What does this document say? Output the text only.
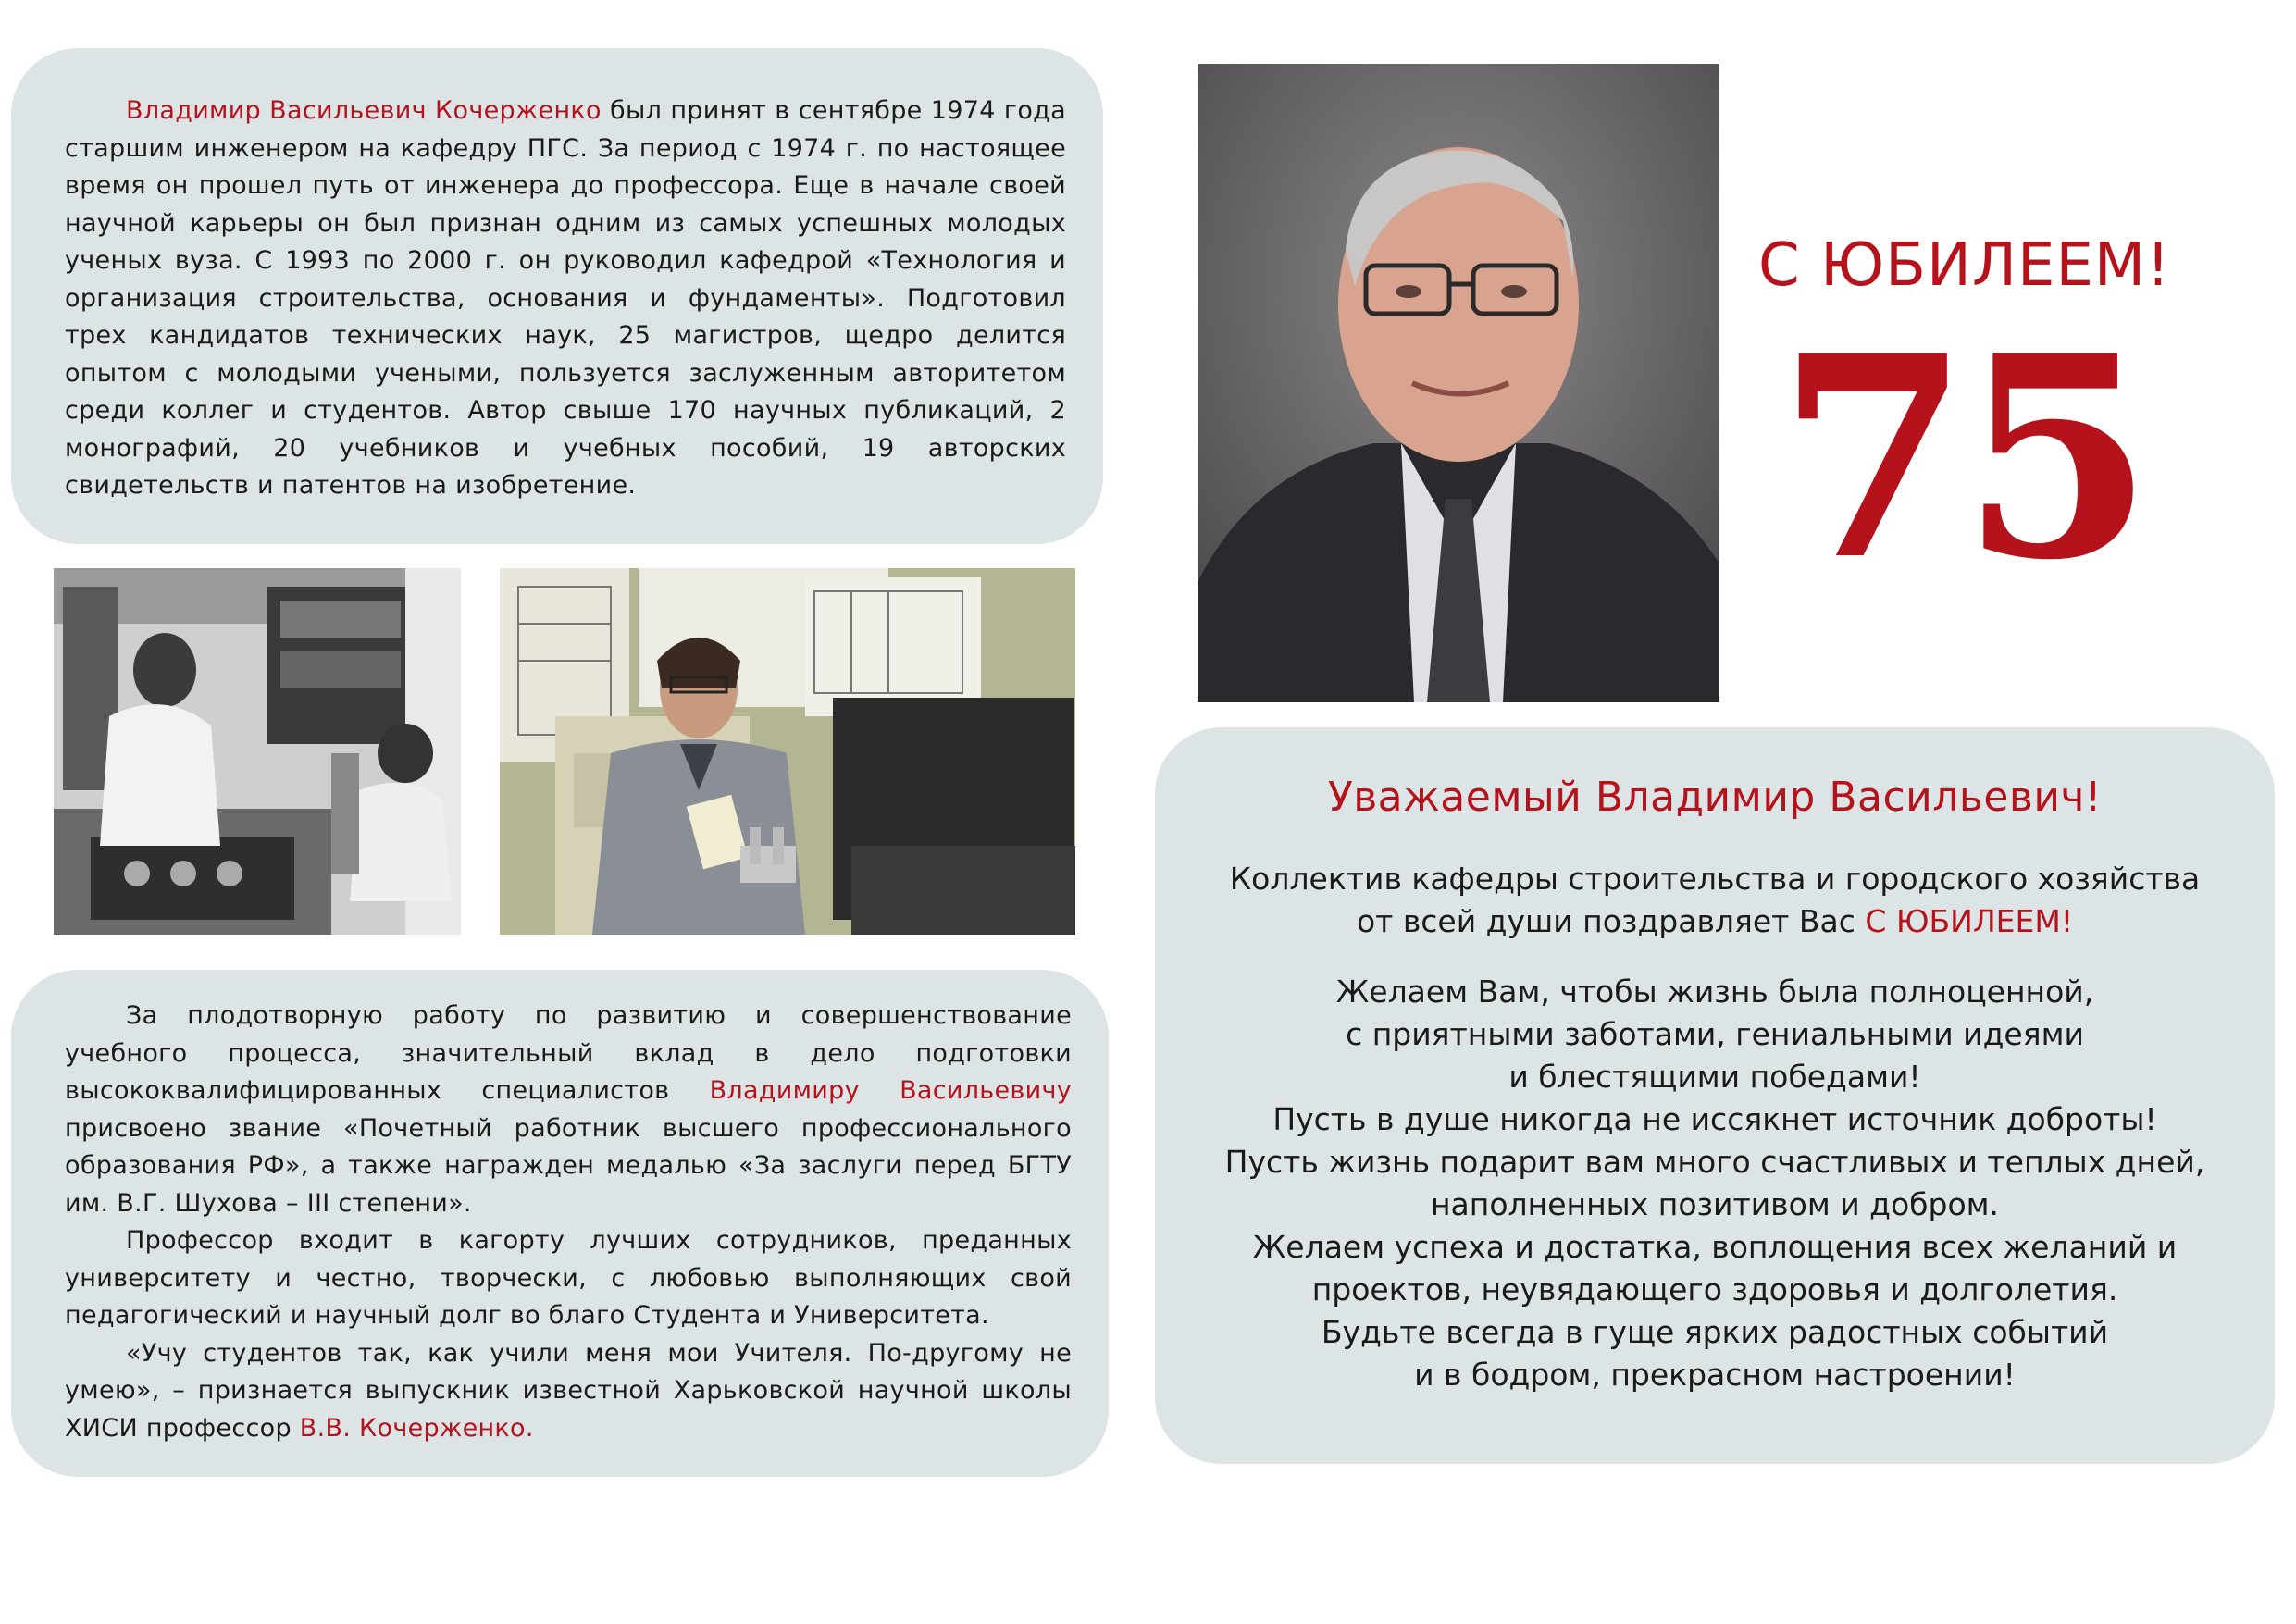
Владимир Васильевич Кочерженко был принят в сентябре 1974 года старшим инженером на кафедру ПГС. За период с 1974 г. по настоящее время он прошел путь от инженера до профессора. Еще в начале своей научной карьеры он был признан одним из самых успешных молодых ученых вуза. С 1993 по 2000 г. он руководил кафедрой «Технология и организация строительства, основания и фундаменты». Подготовил трех кандидатов технических наук, 25 магистров, щедро делится опытом с молодыми учеными, пользуется заслуженным авторитетом среди коллег и студентов. Автор свыше 170 научных публикаций, 2 монографий, 20 учебников и учебных пособий, 19 авторских свидетельств и патентов на изобретение.
За плодотворную работу по развитию и совершенствование учебного процесса, значительный вклад в дело подготовки высококвалифицированных специалистов Владимиру Васильевичу присвоено звание «Почетный работник высшего профессионального образования РФ», а также награжден медалью «За заслуги перед БГТУ им. В.Г. Шухова – III степени».
Профессор входит в кагорту лучших сотрудников, преданных университету и честно, творчески, с любовью выполняющих свой педагогический и научный долг во благо Студента и Университета.
«Учу студентов так, как учили меня мои Учителя. По-другому не умею», – признается выпускник известной Харьковской научной школы ХИСИ профессор В.В. Кочерженко.
С ЮБИЛЕЕМ!
75
Уважаемый Владимир Васильевич!
Коллектив кафедры строительства и городского хозяйства
от всей души поздравляет Вас С ЮБИЛЕЕМ!
Желаем Вам, чтобы жизнь была полноценной,
с приятными заботами, гениальными идеями
и блестящими победами!
Пусть в душе никогда не иссякнет источник доброты!
Пусть жизнь подарит вам много счастливых и теплых дней,
наполненных позитивом и добром.
Желаем успеха и достатка, воплощения всех желаний и
проектов, неувядающего здоровья и долголетия.
Будьте всегда в гуще ярких радостных событий
и в бодром, прекрасном настроении!
